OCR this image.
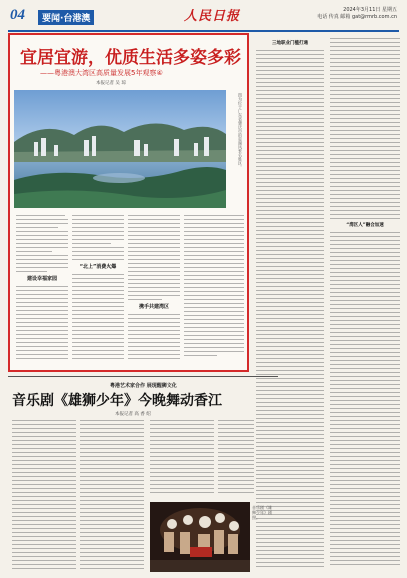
04	要闻·台港澳	人民日报	2024年3月11日 星期五
电话 传真 邮箱 gat@rmrb.com.cn
宜居宜游，优质生活多姿多彩
——粤港澳大湾区高质量发展5年观察④
本报记者 吴 琼
图为位于广东省肇庆市的星湖风景名胜区。
建设幸福家园
“北上”消费火爆
携手共建湾区
三地职业门槛打通
“湾区人”融合加速
粤港艺术家合作 展现醒狮文化
音乐剧《雄狮少年》今晚舞动香江
本报记者 高 香 绍
音乐剧《雄狮少年》剧照。
